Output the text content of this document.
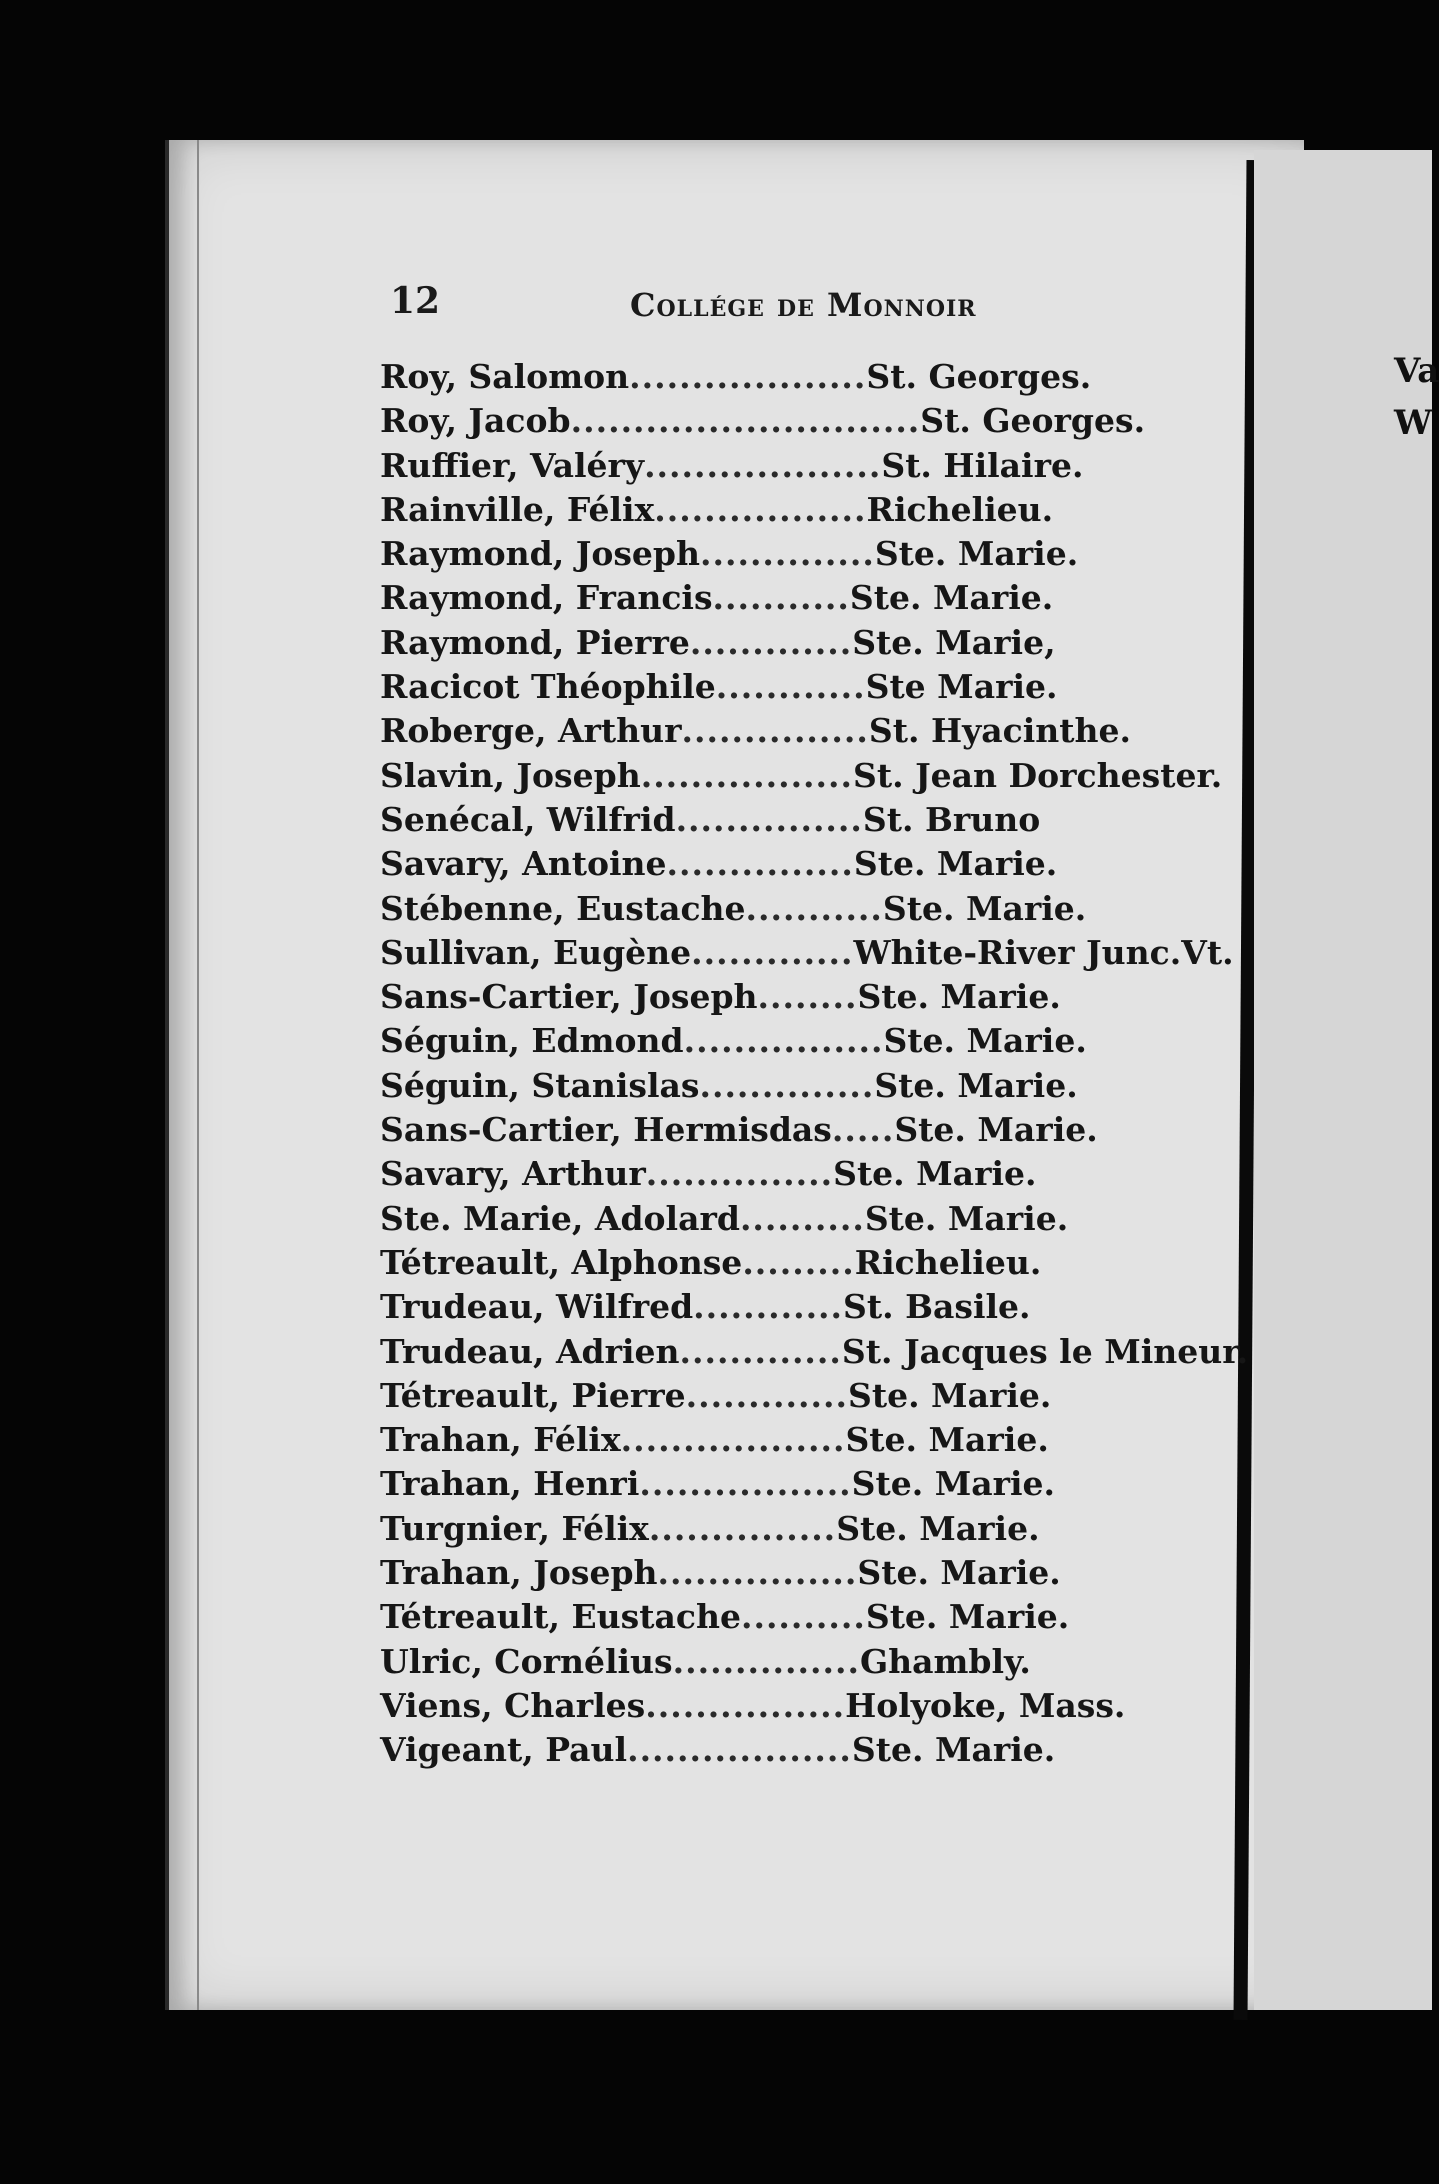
Va
W
12	Collége de Monnoir
Roy, Salomon ................... St. Georges.
Roy, Jacob ............................ St. Georges.
Ruffier, Valéry ................... St. Hilaire.
Rainville, Félix ................. Richelieu.
Raymond, Joseph .............. Ste. Marie.
Raymond, Francis ........... Ste. Marie.
Raymond, Pierre ............. Ste. Marie,
Racicot Théophile ............ Ste Marie.
Roberge, Arthur ............... St. Hyacinthe.
Slavin, Joseph ................. St. Jean Dorchester.
Senécal, Wilfrid ............... St. Bruno
Savary, Antoine ............... Ste. Marie.
Stébenne, Eustache ........... Ste. Marie.
Sullivan, Eugène ............. White-River Junc.Vt.
Sans-Cartier, Joseph ........ Ste. Marie.
Séguin, Edmond ................ Ste. Marie.
Séguin, Stanislas .............. Ste. Marie.
Sans-Cartier, Hermisdas ..... Ste. Marie.
Savary, Arthur ............... Ste. Marie.
Ste. Marie, Adolard .......... Ste. Marie.
Tétreault, Alphonse ......... Richelieu.
Trudeau, Wilfred ............ St. Basile.
Trudeau, Adrien ............. St. Jacques le Mineur.
Tétreault, Pierre ............. Ste. Marie.
Trahan, Félix .................. Ste. Marie.
Trahan, Henri ................. Ste. Marie.
Turgnier, Félix ............... Ste. Marie.
Trahan, Joseph ................ Ste. Marie.
Tétreault, Eustache .......... Ste. Marie.
Ulric, Cornélius ............... Ghambly.
Viens, Charles ................ Holyoke, Mass.
Vigeant, Paul .................. Ste. Marie.
